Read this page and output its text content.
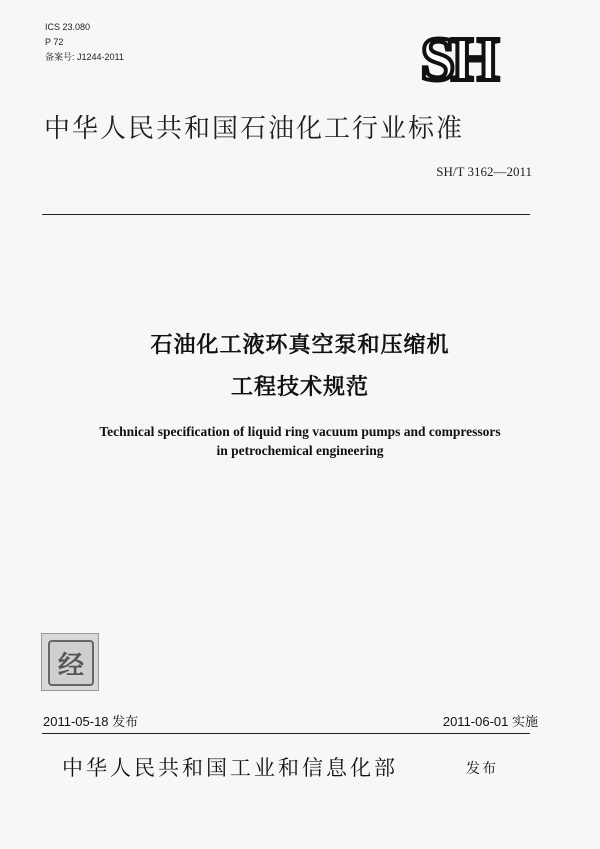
ICS 23.080
P 72
备案号: J1244-2011	SH
中华人民共和国石油化工行业标准
SH/T 3162—2011
石油化工液环真空泵和压缩机
工程技术规范
Technical specification of liquid ring vacuum pumps and compressors
in petrochemical engineering
经
2011-05-18 发布	2011-06-01 实施
中华人民共和国工业和信息化部	发布
